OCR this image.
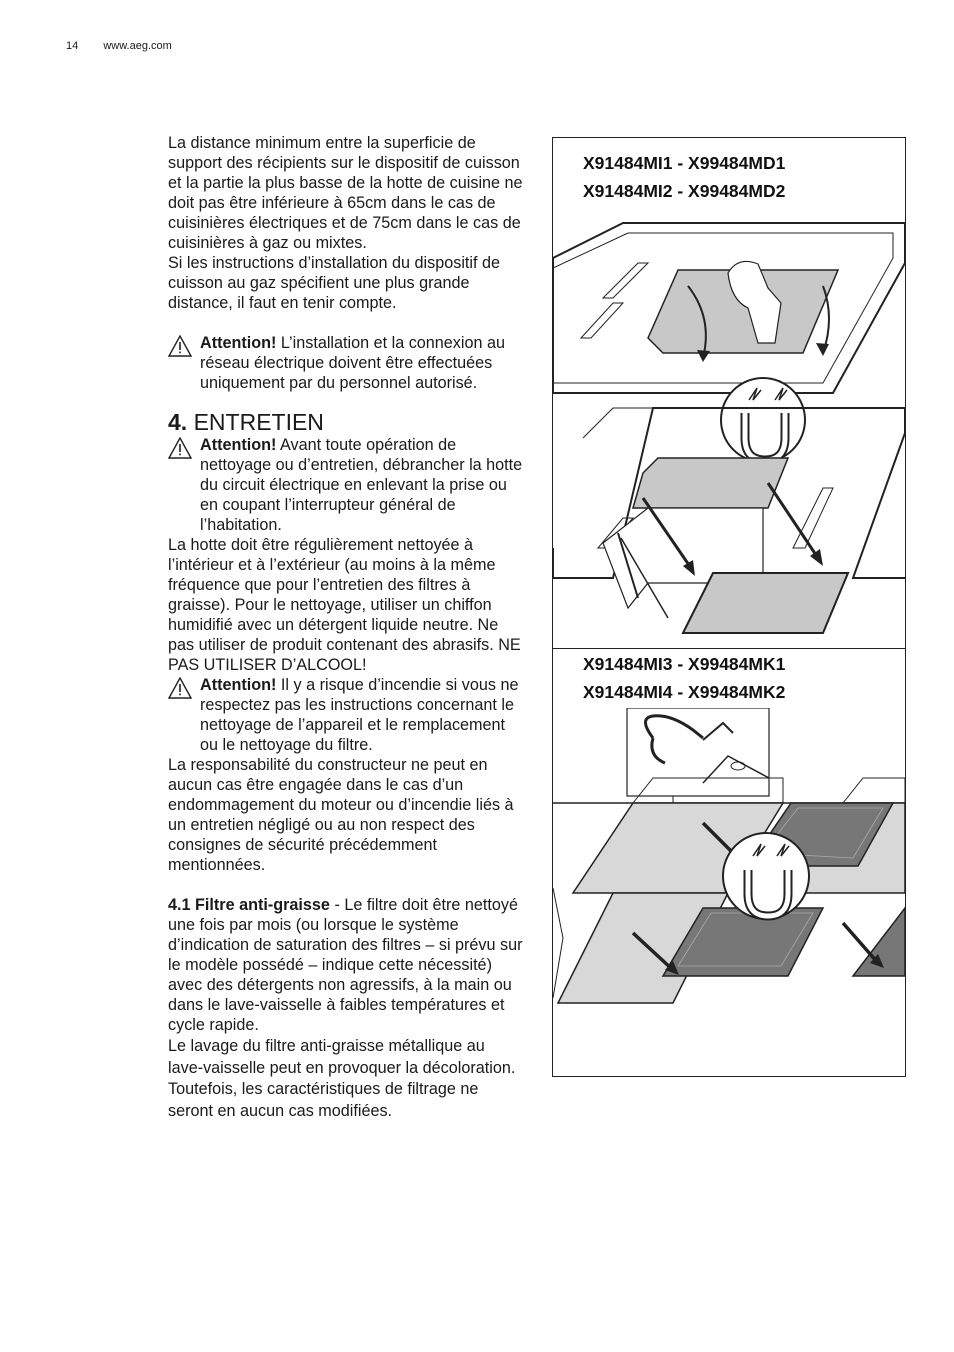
14 www.aeg.com

La distance minimum entre la superficie de support des récipients sur le dispositif de cuisson et la partie la plus basse de la hotte de cuisine ne doit pas être inférieure à 65cm dans le cas de cuisinières électriques et de 75cm dans le cas de cuisinières à gaz ou mixtes.

Si les instructions d’installation du dispositif de cuisson au gaz spécifient une plus grande distance, il faut en tenir compte.

Attention! L’installation et la connexion au réseau électrique doivent être effectuées uniquement par du personnel autorisé.
4. ENTRETIEN
Attention! Avant toute opération de nettoyage ou d’entretien, débrancher la hotte du circuit électrique en enlevant la prise ou en coupant l’interrupteur général de l’habitation.

La hotte doit être régulièrement nettoyée à l’intérieur et à l’extérieur (au moins à la même fréquence que pour l’entretien des filtres à graisse). Pour le nettoyage, utiliser un chiffon humidifié avec un détergent liquide neutre. Ne pas utiliser de produit contenant des abrasifs. NE PAS UTILISER D’ALCOOL!

Attention! Il y a risque d’incendie si vous ne respectez pas les instructions concernant le nettoyage de l’appareil et le remplacement ou le nettoyage du filtre.

La responsabilité du constructeur ne peut en aucun cas être engagée dans le cas d’un endommagement du moteur ou d’incendie liés à un entretien négligé ou au non respect des consignes de sécurité précédemment mentionnées.

4.1 Filtre anti-graisse - Le filtre doit être nettoyé une fois par mois (ou lorsque le système d’indication de saturation des filtres – si prévu sur le modèle possédé – indique cette nécessité) avec des détergents non agressifs, à la main ou dans le lave-vaisselle à faibles températures et cycle rapide.

Le lavage du filtre anti-graisse métallique au lave-vaisselle peut en provoquer la décoloration. Toutefois, les caractéristiques de filtrage ne seront en aucun cas modifiées.

X91484MI1 - X99484MD1
X91484MI2 - X99484MD2
X91484MI3 - X99484MK1
X91484MI4 - X99484MK2
